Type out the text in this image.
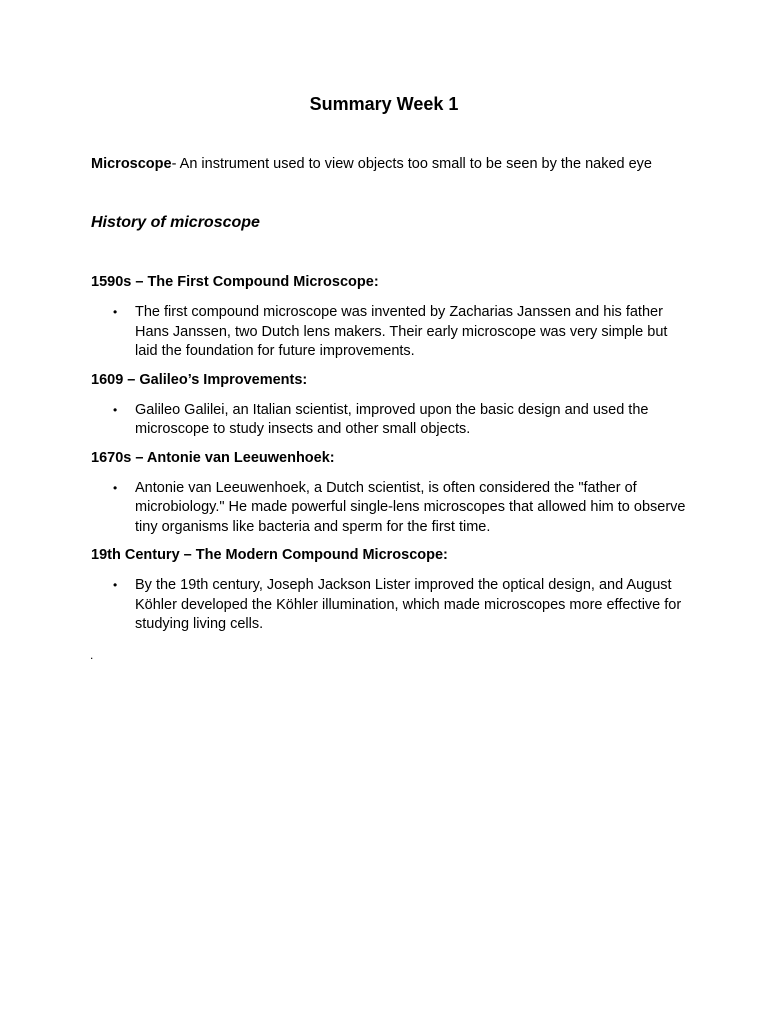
Summary Week 1

Microscope- An instrument used to view objects too small to be seen by the naked eye

History of microscope

1590s – The First Compound Microscope:

• The first compound microscope was invented by Zacharias Janssen and his father Hans Janssen, two Dutch lens makers. Their early microscope was very simple but laid the foundation for future improvements.

1609 – Galileo’s Improvements:

• Galileo Galilei, an Italian scientist, improved upon the basic design and used the microscope to study insects and other small objects.

1670s – Antonie van Leeuwenhoek:

• Antonie van Leeuwenhoek, a Dutch scientist, is often considered the "father of microbiology." He made powerful single-lens microscopes that allowed him to observe tiny organisms like bacteria and sperm for the first time.

19th Century – The Modern Compound Microscope:

• By the 19th century, Joseph Jackson Lister improved the optical design, and August Köhler developed the Köhler illumination, which made microscopes more effective for studying living cells.

.
